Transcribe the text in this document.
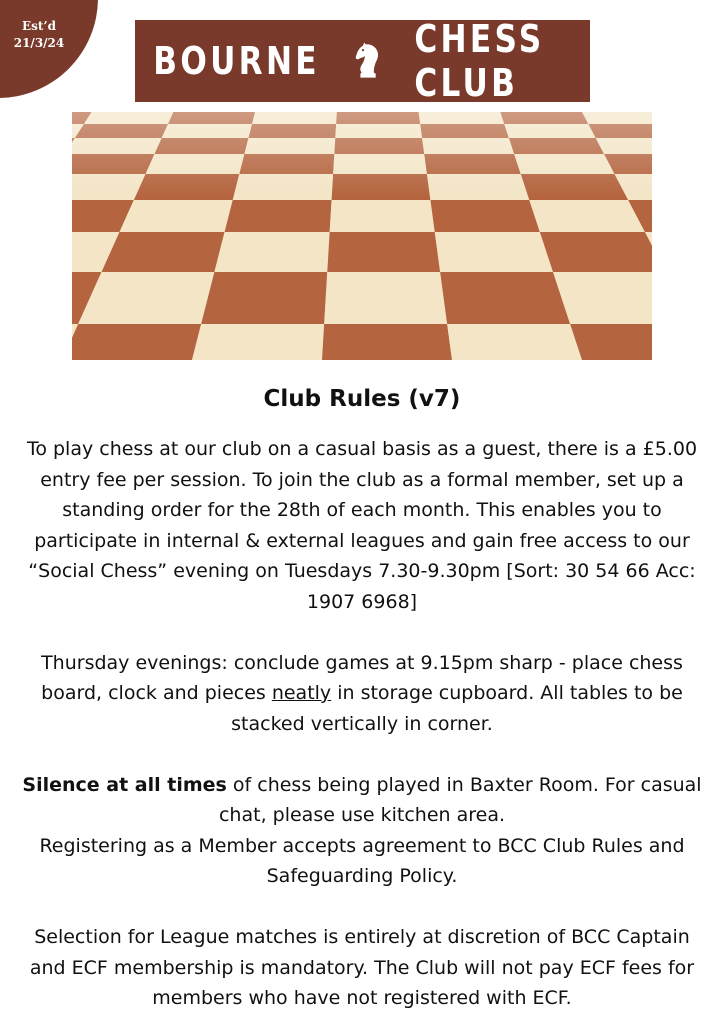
Est’d
21/3/24 BOURNE CHESS CLUB
Club Rules (v7)

To play chess at our club on a casual basis as a guest, there is a £5.00 entry fee per session. To join the club as a formal member, set up a standing order for the 28th of each month. This enables you to participate in internal & external leagues and gain free access to our “Social Chess” evening on Tuesdays 7.30-9.30pm [Sort: 30 54 66 Acc: 1907 6968]

Thursday evenings: conclude games at 9.15pm sharp - place chess board, clock and pieces neatly in storage cupboard. All tables to be stacked vertically in corner.

Silence at all times of chess being played in Baxter Room. For casual chat, please use kitchen area.

Registering as a Member accepts agreement to BCC Club Rules and Safeguarding Policy.

Selection for League matches is entirely at discretion of BCC Captain and ECF membership is mandatory. The Club will not pay ECF fees for members who have not registered with ECF.
